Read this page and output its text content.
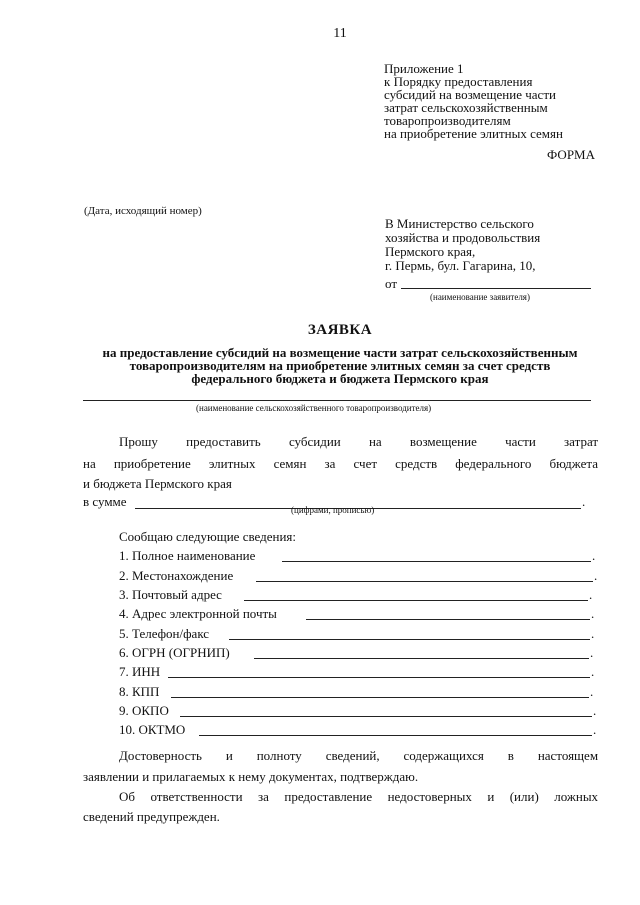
11
Приложение 1
к Порядку предоставления
субсидий на возмещение части
затрат сельскохозяйственным
товаропроизводителям
на приобретение элитных семян
ФОРМА
(Дата, исходящий номер)
В Министерство сельского
хозяйства и продовольствия
Пермского края,
г. Пермь, бул. Гагарина, 10,
от
(наименование заявителя)
ЗАЯВКА
на предоставление субсидий на возмещение части затрат сельскохозяйственным товаропроизводителям на приобретение элитных семян за счет средств федерального бюджета и бюджета Пермского края
(наименование сельскохозяйственного товаропроизводителя)
Прошу предоставить субсидии на возмещение части затрат
на приобретение элитных семян за счет средств федерального бюджета
и бюджета Пермского края
в сумме	.
(цифрами, прописью)
Сообщаю следующие сведения:
1. Полное наименование	.
2. Местонахождение	.
3. Почтовый адрес	.
4. Адрес электронной почты	.
5. Телефон/факс	.
6. ОГРН (ОГРНИП)	.
7. ИНН	.
8. КПП	.
9. ОКПО	.
10. ОКТМО	.
Достоверность и полноту сведений, содержащихся в настоящем
заявлении и прилагаемых к нему документах, подтверждаю.
Об ответственности за предоставление недостоверных и (или) ложных
сведений предупрежден.
